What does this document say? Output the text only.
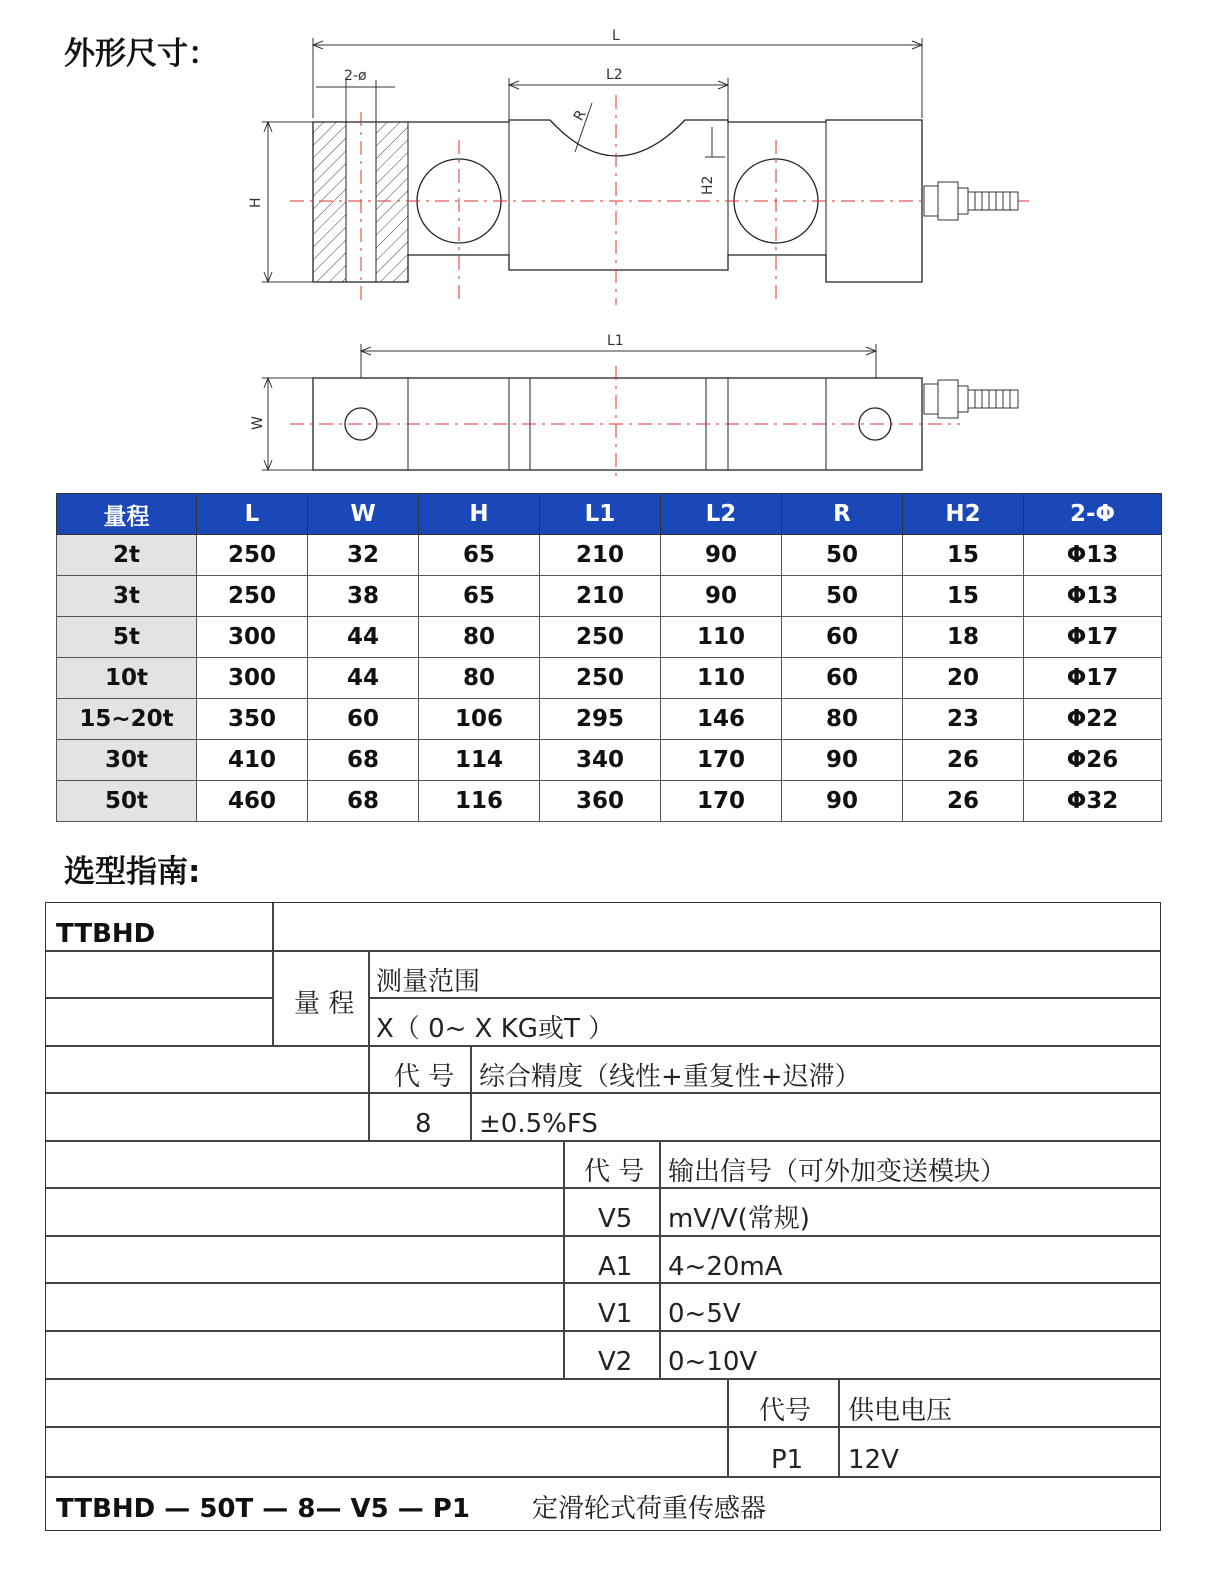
外形尺寸：	L
2-ø	L2
R
H2
H
L1
W
量程	L	W	H	L1	L2	R	H2	2-Φ
2t	250	32	65	210	90	50	15	Φ13
3t	250	38	65	210	90	50	15	Φ13
5t	300	44	80	250	110	60	18	Φ17
10t	300	44	80	250	110	60	20	Φ17
15~20t	350	60	106	295	146	80	23	Φ22
30t	410	68	114	340	170	90	26	Φ26
50t	460	68	116	360	170	90	26	Φ32
选型指南:
TTBHD
量 程
测量范围
X（ 0~ X KG或T ）
代 号 综合精度（线性+重复性+迟滞）
8 ±0.5%FS
代 号 输出信号（可外加变送模块）
V5 mV/V(常规)
A1 4~20mA
V1 0~5V
V2 0~10V
代号 供电电压
P1 12V
TTBHD — 50T — 8— V5 — P1 定滑轮式荷重传感器
